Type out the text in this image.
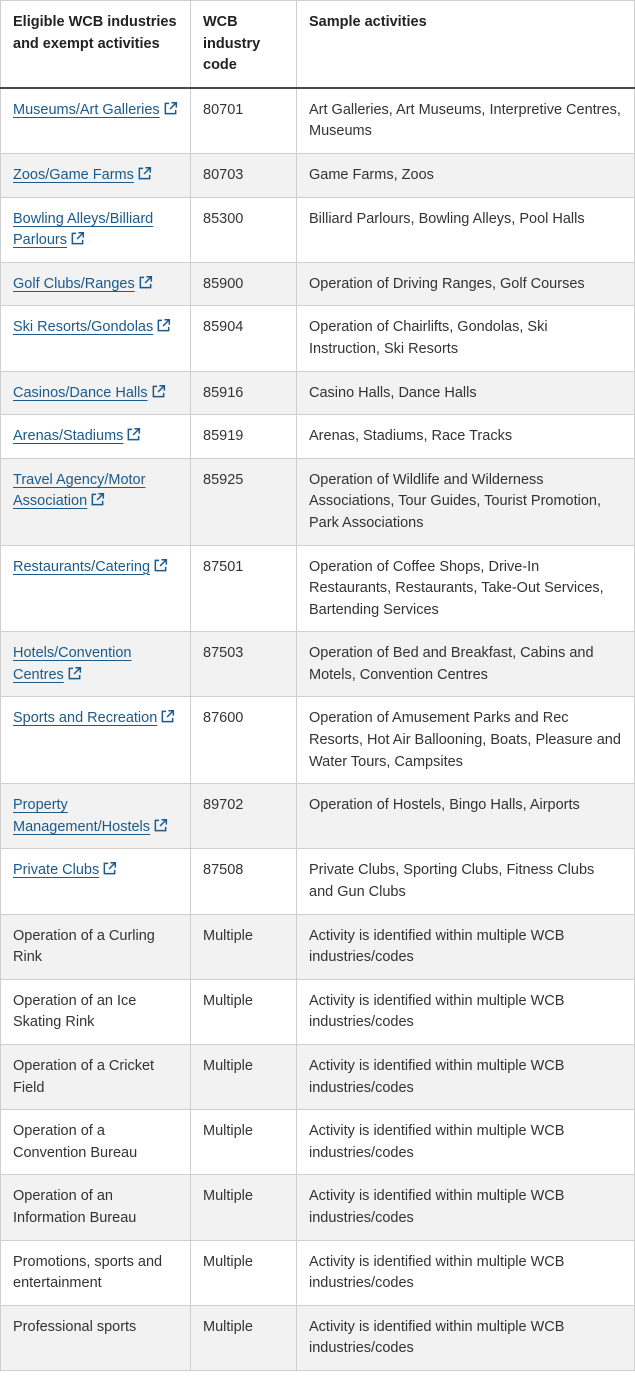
Eligible WCB industries and exempt activities	WCB industry code	Sample activities
Museums/Art Galleries	80701	Art Galleries, Art Museums, Interpretive Centres, Museums
Zoos/Game Farms	80703	Game Farms, Zoos
Bowling Alleys/Billiard Parlours	85300	Billiard Parlours, Bowling Alleys, Pool Halls
Golf Clubs/Ranges	85900	Operation of Driving Ranges, Golf Courses
Ski Resorts/Gondolas	85904	Operation of Chairlifts, Gondolas, Ski Instruction, Ski Resorts
Casinos/Dance Halls	85916	Casino Halls, Dance Halls
Arenas/Stadiums	85919	Arenas, Stadiums, Race Tracks
Travel Agency/Motor Association	85925	Operation of Wildlife and Wilderness Associations, Tour Guides, Tourist Promotion, Park Associations
Restaurants/Catering	87501	Operation of Coffee Shops, Drive-In Restaurants, Restaurants, Take-Out Services, Bartending Services
Hotels/Convention Centres	87503	Operation of Bed and Breakfast, Cabins and Motels, Convention Centres
Sports and Recreation	87600	Operation of Amusement Parks and Rec Resorts, Hot Air Ballooning, Boats, Pleasure and Water Tours, Campsites
Property Management/Hostels	89702	Operation of Hostels, Bingo Halls, Airports
Private Clubs	87508	Private Clubs, Sporting Clubs, Fitness Clubs and Gun Clubs
Operation of a Curling Rink	Multiple	Activity is identified within multiple WCB industries/codes
Operation of an Ice Skating Rink	Multiple	Activity is identified within multiple WCB industries/codes
Operation of a Cricket Field	Multiple	Activity is identified within multiple WCB industries/codes
Operation of a Convention Bureau	Multiple	Activity is identified within multiple WCB industries/codes
Operation of an Information Bureau	Multiple	Activity is identified within multiple WCB industries/codes
Promotions, sports and entertainment	Multiple	Activity is identified within multiple WCB industries/codes
Professional sports	Multiple	Activity is identified within multiple WCB industries/codes
